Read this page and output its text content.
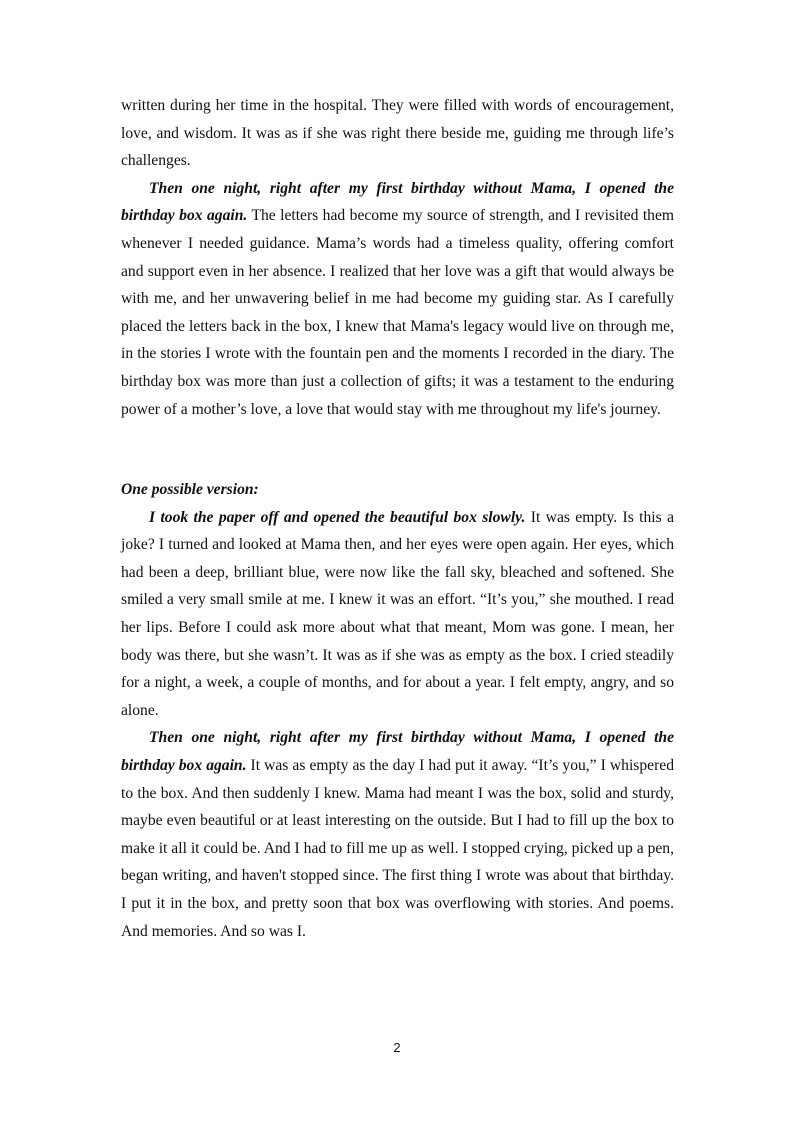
written during her time in the hospital. They were filled with words of encouragement, love, and wisdom. It was as if she was right there beside me, guiding me through life’s challenges.

Then one night, right after my first birthday without Mama, I opened the birthday box again. The letters had become my source of strength, and I revisited them whenever I needed guidance. Mama’s words had a timeless quality, offering comfort and support even in her absence. I realized that her love was a gift that would always be with me, and her unwavering belief in me had become my guiding star. As I carefully placed the letters back in the box, I knew that Mama's legacy would live on through me, in the stories I wrote with the fountain pen and the moments I recorded in the diary. The birthday box was more than just a collection of gifts; it was a testament to the enduring power of a mother’s love, a love that would stay with me throughout my life's journey.

One possible version:

I took the paper off and opened the beautiful box slowly. It was empty. Is this a joke? I turned and looked at Mama then, and her eyes were open again. Her eyes, which had been a deep, brilliant blue, were now like the fall sky, bleached and softened. She smiled a very small smile at me. I knew it was an effort. “It’s you,” she mouthed. I read her lips. Before I could ask more about what that meant, Mom was gone. I mean, her body was there, but she wasn’t. It was as if she was as empty as the box. I cried steadily for a night, a week, a couple of months, and for about a year. I felt empty, angry, and so alone.

Then one night, right after my first birthday without Mama, I opened the birthday box again. It was as empty as the day I had put it away. “It’s you,” I whispered to the box. And then suddenly I knew. Mama had meant I was the box, solid and sturdy, maybe even beautiful or at least interesting on the outside. But I had to fill up the box to make it all it could be. And I had to fill me up as well. I stopped crying, picked up a pen, began writing, and haven't stopped since. The first thing I wrote was about that birthday. I put it in the box, and pretty soon that box was overflowing with stories. And poems. And memories. And so was I.

2
